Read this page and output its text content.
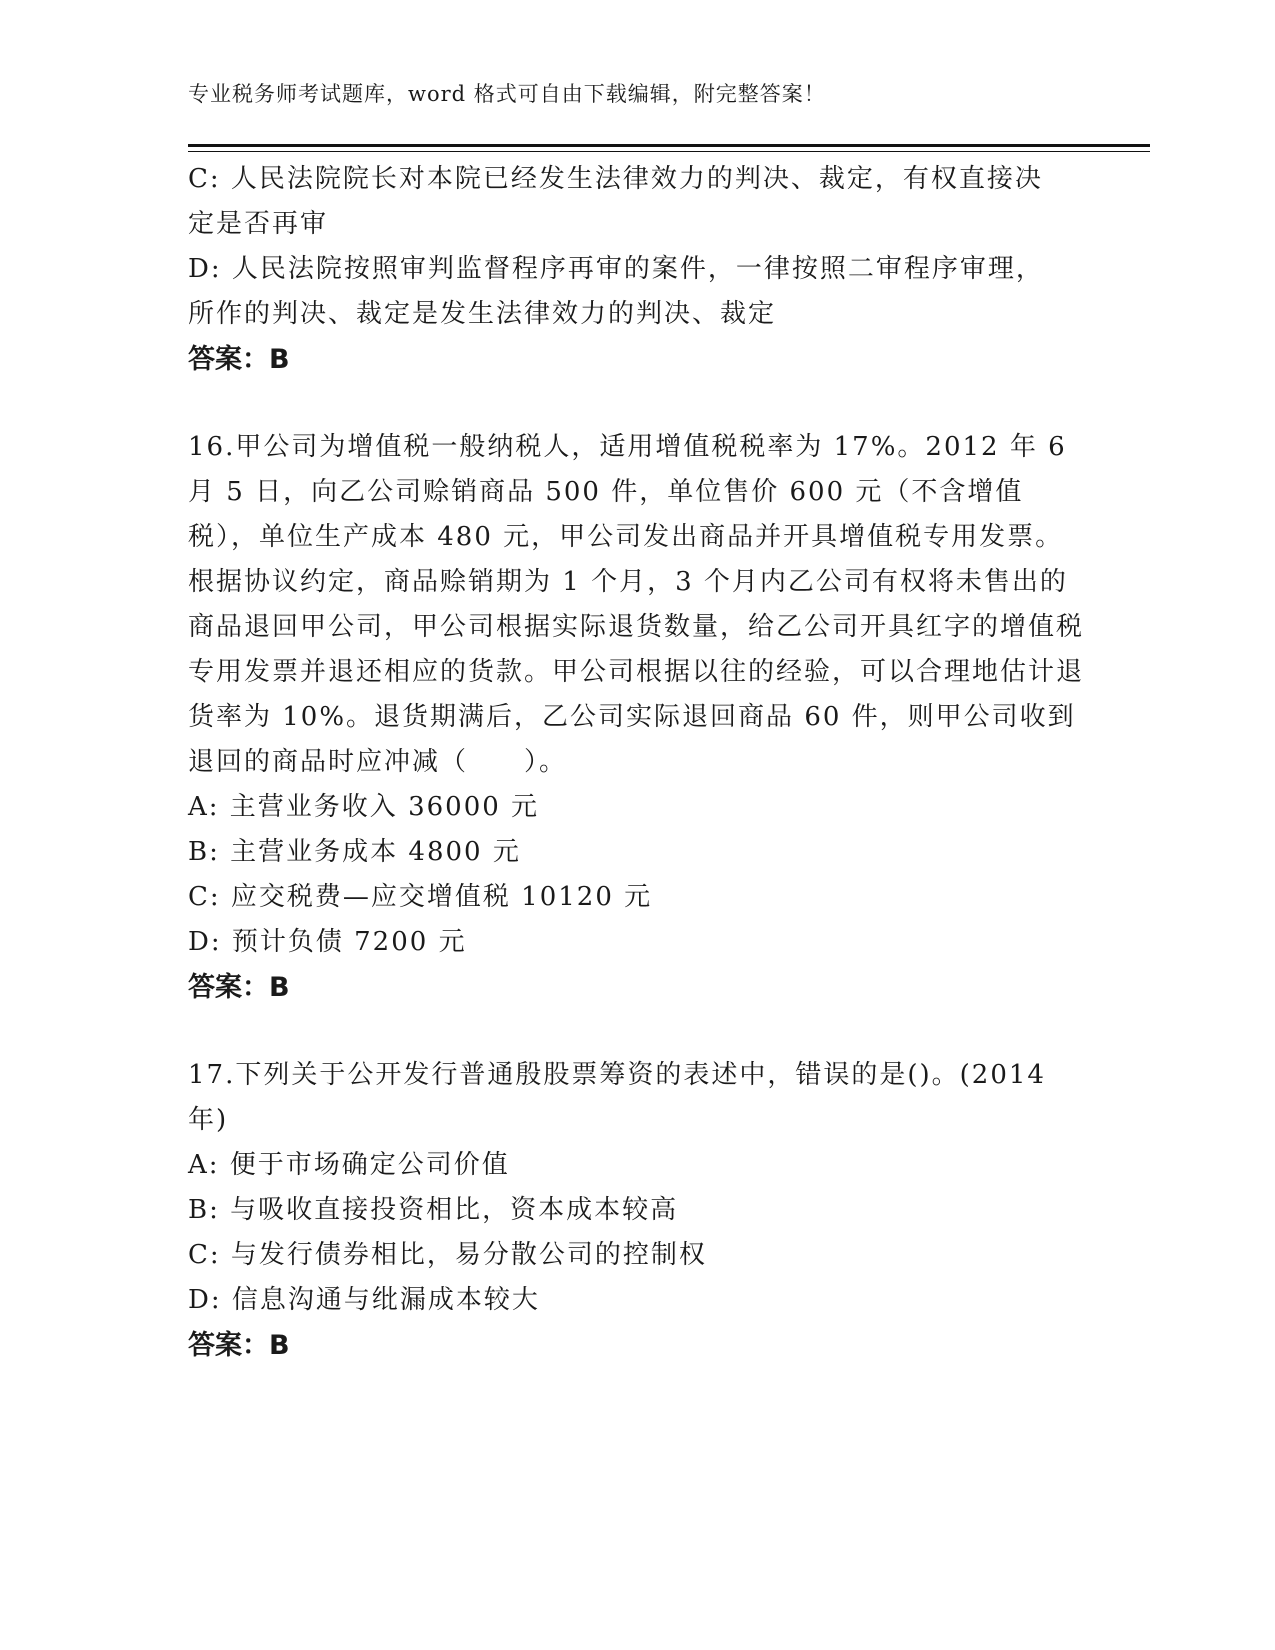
专业税务师考试题库，word 格式可自由下载编辑，附完整答案！
C: 人民法院院长对本院已经发生法律效力的判决、裁定，有权直接决
定是否再审
D: 人民法院按照审判监督程序再审的案件，一律按照二审程序审理，
所作的判决、裁定是发生法律效力的判决、裁定
答案：B
16.甲公司为增值税一般纳税人，适用增值税税率为 17%。2012 年 6 月 5 日，向乙公司赊销商品 500 件，单位售价 600 元（不含增值税），单位生产成本 480 元，甲公司发出商品并开具增值税专用发票。根据协议约定，商品赊销期为 1 个月，3 个月内乙公司有权将未售出的商品退回甲公司，甲公司根据实际退货数量，给乙公司开具红字的增值税专用发票并退还相应的货款。甲公司根据以往的经验，可以合理地估计退货率为 10%。退货期满后，乙公司实际退回商品 60 件，则甲公司收到退回的商品时应冲减（　　）。
A: 主营业务收入 36000 元
B: 主营业务成本 4800 元
C: 应交税费—应交增值税 10120 元
D: 预计负债 7200 元
答案：B
17.下列关于公开发行普通殷股票筹资的表述中，错误的是()。(2014
年)
A: 便于市场确定公司价值
B: 与吸收直接投资相比，资本成本较高
C: 与发行债券相比，易分散公司的控制权
D: 信息沟通与纰漏成本较大
答案：B
